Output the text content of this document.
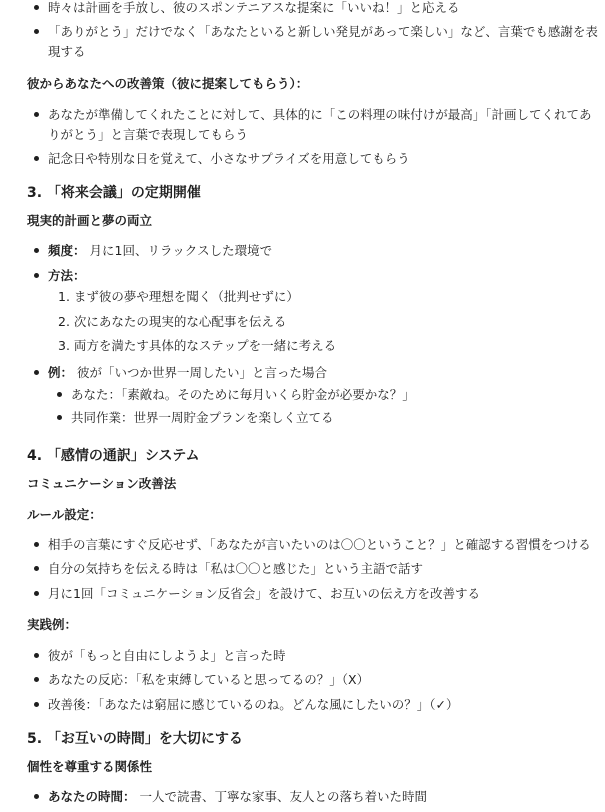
時々は計画を手放し、彼のスポンテニアスな提案に「いいね！」と応える
「ありがとう」だけでなく「あなたといると新しい発見があって楽しい」など、言葉でも感謝を表
現する
彼からあなたへの改善策（彼に提案してもらう）：
あなたが準備してくれたことに対して、具体的に「この料理の味付けが最高」「計画してくれてあ
りがとう」と言葉で表現してもらう
記念日や特別な日を覚えて、小さなサプライズを用意してもらう
3. 「将来会議」の定期開催
現実的計画と夢の両立
頻度： 月に1回、リラックスした環境で
方法：
1. まず彼の夢や理想を聞く（批判せずに）
2. 次にあなたの現実的な心配事を伝える
3. 両方を満たす具体的なステップを一緒に考える
例： 彼が「いつか世界一周したい」と言った場合
あなた：「素敵ね。そのために毎月いくら貯金が必要かな？」
共同作業：世界一周貯金プランを楽しく立てる
4. 「感情の通訳」システム
コミュニケーション改善法
ルール設定：
相手の言葉にすぐ反応せず、「あなたが言いたいのは〇〇ということ？」と確認する習慣をつける
自分の気持ちを伝える時は「私は〇〇と感じた」という主語で話す
月に1回「コミュニケーション反省会」を設けて、お互いの伝え方を改善する
実践例：
彼が「もっと自由にしようよ」と言った時
あなたの反応：「私を束縛していると思ってるの？」（X）
改善後：「あなたは窮屈に感じているのね。どんな風にしたいの？」（✓）
5. 「お互いの時間」を大切にする
個性を尊重する関係性
あなたの時間： 一人で読書、丁寧な家事、友人との落ち着いた時間
